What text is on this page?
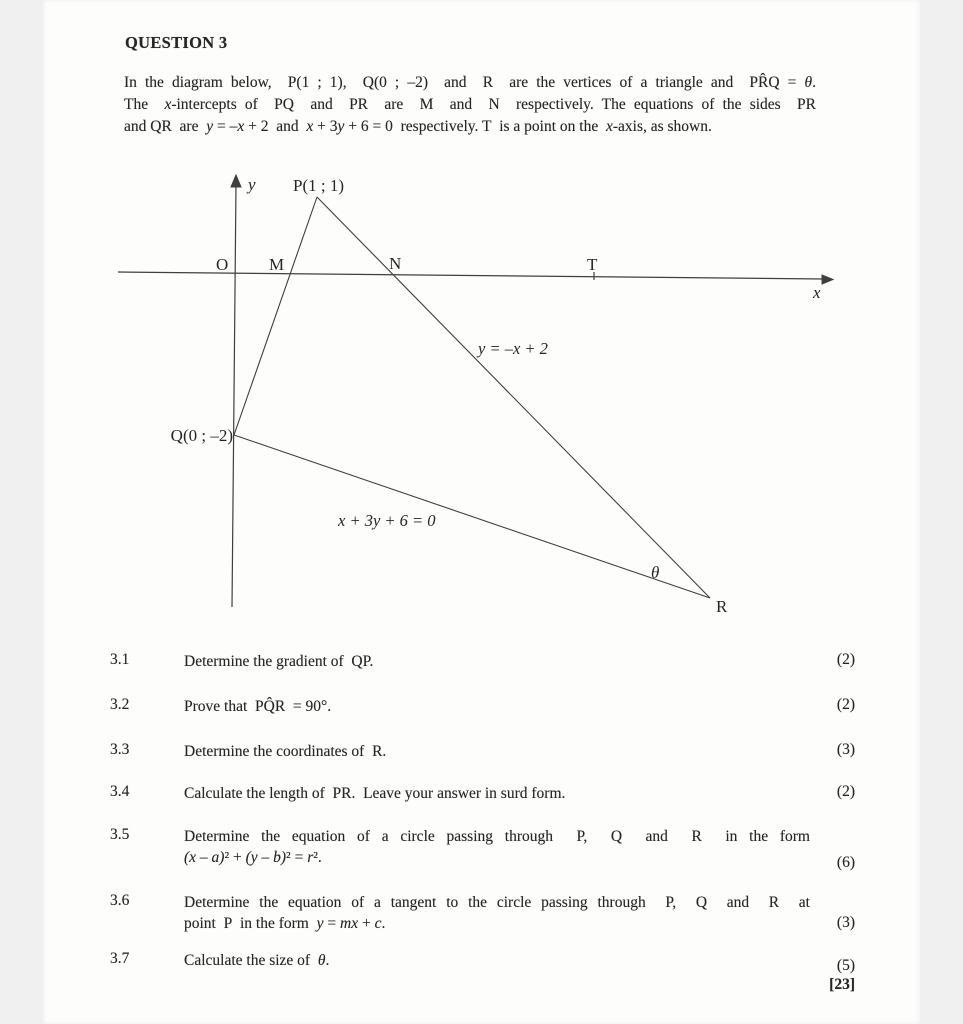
QUESTION 3
In the diagram below,  P(1 ; 1),  Q(0 ; –2)  and  R  are the vertices of a triangle and  PR̂Q = θ.
The  x-intercepts of  PQ  and  PR  are  M  and  N  respectively. The equations of the sides  PR
and QR  are  y = –x + 2  and  x + 3y + 6 = 0  respectively. T  is a point on the  x-axis, as shown.
y
x
P(1 ; 1)
O M	N	T
Q(0 ; –2)
R
θ
y = –x + 2
x + 3y + 6 = 0
3.1	Determine the gradient of  QP.	(2)
3.2	Prove that  PQ̂R  = 90°.	(2)
3.3	Determine the coordinates of  R.	(3)
3.4	Calculate the length of  PR.  Leave your answer in surd form.	(2)
3.5	Determine the equation of a circle passing through  P,  Q  and  R  in the form
(x – a)² + (y – b)² = r².	(6)
3.6	Determine the equation of a tangent to the circle passing through  P,  Q  and  R  at
point  P  in the form  y = mx + c.	(3)
3.7	Calculate the size of  θ.	(5)
[23]
